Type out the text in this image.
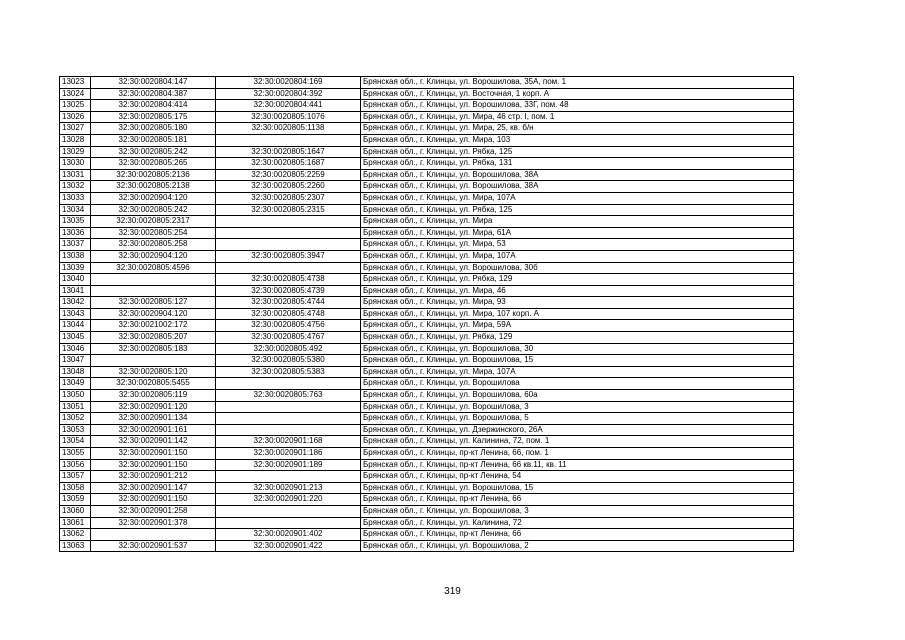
13023	32:30:0020804:147	32:30:0020804:169	Брянская обл., г. Клинцы, ул. Ворошилова, 35А, пом. 1
13024	32:30:0020804:387	32:30:0020804:392	Брянская обл., г. Клинцы, ул. Восточная, 1 корп. А
13025	32:30:0020804:414	32:30:0020804:441	Брянская обл., г. Клинцы, ул. Ворошилова, 33Г, пом. 48
13026	32:30:0020805:175	32:30:0020805:1076	Брянская обл., г. Клинцы, ул. Мира, 46 стр. I, пом. 1
13027	32:30:0020805:180	32:30:0020805:1138	Брянская обл., г. Клинцы, ул. Мира, 25, кв. б/н
13028	32:30:0020805:181		Брянская обл., г. Клинцы, ул. Мира, 103
13029	32:30:0020805:242	32:30:0020805:1647	Брянская обл., г. Клинцы, ул. Рябка, 125
13030	32:30:0020805:265	32:30:0020805:1687	Брянская обл., г. Клинцы, ул. Рябка, 131
13031	32:30:0020805:2136	32:30:0020805:2259	Брянская обл., г. Клинцы, ул. Ворошилова, 38А
13032	32:30:0020805:2138	32:30:0020805:2260	Брянская обл., г. Клинцы, ул. Ворошилова, 38А
13033	32:30:0020904:120	32:30:0020805:2307	Брянская обл., г. Клинцы, ул. Мира, 107А
13034	32:30:0020805:242	32:30:0020805:2315	Брянская обл., г. Клинцы, ул. Рябка, 125
13035	32:30:0020805:2317		Брянская обл., г. Клинцы, ул. Мира
13036	32:30:0020805:254		Брянская обл., г. Клинцы, ул. Мира, 61А
13037	32:30:0020805:258		Брянская обл., г. Клинцы, ул. Мира, 53
13038	32:30:0020904:120	32:30:0020805:3947	Брянская обл., г. Клинцы, ул. Мира, 107А
13039	32:30:0020805:4596		Брянская обл., г. Клинцы, ул. Ворошилова, 30б
13040		32:30:0020805:4738	Брянская обл., г. Клинцы, ул. Рябка, 129
13041		32:30:0020805:4739	Брянская обл., г. Клинцы, ул. Мира, 46
13042	32:30:0020805:127	32:30:0020805:4744	Брянская обл., г. Клинцы, ул. Мира, 93
13043	32:30:0020904:120	32:30:0020805:4748	Брянская обл., г. Клинцы, ул. Мира, 107 корп. А
13044	32:30:0021002:172	32:30:0020805:4756	Брянская обл., г. Клинцы, ул. Мира, 59А
13045	32:30:0020805:207	32:30:0020805:4767	Брянская обл., г. Клинцы, ул. Рябка, 129
13046	32:30:0020805:183	32:30:0020805:492	Брянская обл., г. Клинцы, ул. Ворошилова, 30
13047		32:30:0020805:5380	Брянская обл., г. Клинцы, ул. Ворошилова, 15
13048	32:30:0020805:120	32:30:0020805:5383	Брянская обл., г. Клинцы, ул. Мира, 107А
13049	32:30:0020805:5455		Брянская обл., г. Клинцы, ул. Ворошилова
13050	32:30:0020805:119	32:30:0020805:763	Брянская обл., г. Клинцы, ул. Ворошилова, 60а
13051	32:30:0020901:120		Брянская обл., г. Клинцы, ул. Ворошилова, 3
13052	32:30:0020901:134		Брянская обл., г. Клинцы, ул. Ворошилова, 5
13053	32:30:0020901:161		Брянская обл., г. Клинцы, ул. Дзержинского, 26А
13054	32:30:0020901:142	32:30:0020901:168	Брянская обл., г. Клинцы, ул. Калинина, 72, пом. 1
13055	32:30:0020901:150	32:30:0020901:186	Брянская обл., г. Клинцы, пр-кт Ленина, 66, пом. 1
13056	32:30:0020901:150	32:30:0020901:189	Брянская обл., г. Клинцы, пр-кт Ленина, 66 кв.11, кв. 11
13057	32:30:0020901:212		Брянская обл., г. Клинцы, пр-кт Ленина, 54
13058	32:30:0020901:147	32:30:0020901:213	Брянская обл., г. Клинцы, ул. Ворошилова, 15
13059	32:30:0020901:150	32:30:0020901:220	Брянская обл., г. Клинцы, пр-кт Ленина, 66
13060	32:30:0020901:258		Брянская обл., г. Клинцы, ул. Ворошилова, 3
13061	32:30:0020901:378		Брянская обл., г. Клинцы, ул. Калинина, 72
13062		32:30:0020901:402	Брянская обл., г. Клинцы, пр-кт Ленина, 66
13063	32:30:0020901:537	32:30:0020901:422	Брянская обл., г. Клинцы, ул. Ворошилова, 2
319
